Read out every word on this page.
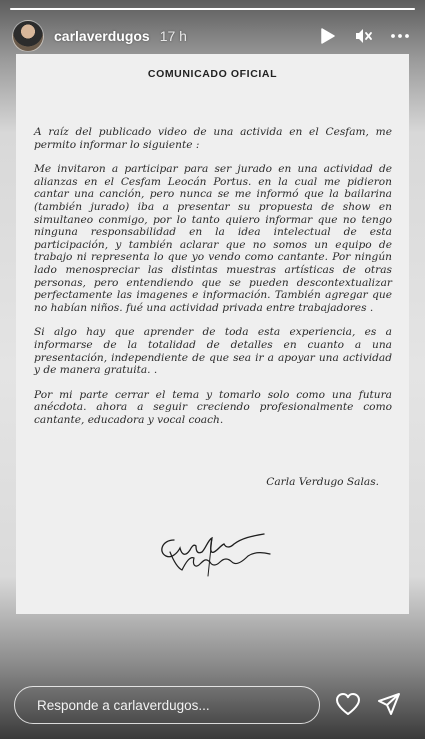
carlaverdugos 17 h
COMUNICADO OFICIAL

A raíz del publicado video de una activida en el Cesfam, me permito informar lo siguiente :

Me invitaron a participar para ser jurado en una actividad de alianzas en el Cesfam Leocán Portus. en la cual me pidieron cantar una canción, pero nunca se me informó que la bailarina (también jurado) iba a presentar su propuesta de show en simultaneo conmigo, por lo tanto quiero informar que no tengo ninguna responsabilidad en la idea intelectual de esta participación, y también aclarar que no somos un equipo de trabajo ni representa lo que yo vendo como cantante. Por ningún lado menospreciar las distintas muestras artísticas de otras personas, pero entendiendo que se pueden descontextualizar perfectamente las imagenes e información. También agregar que no habían niños. fué una actividad privada entre trabajadores .

Si algo hay que aprender de toda esta experiencia, es a informarse de la totalidad de detalles en cuanto a una presentación, independiente de que sea ir a apoyar una actividad y de manera gratuita. .

Por mi parte cerrar el tema y tomarlo solo como una futura anécdota. ahora a seguir creciendo profesionalmente como cantante, educadora y vocal coach.

Carla Verdugo Salas.
Responde a carlaverdugos...
